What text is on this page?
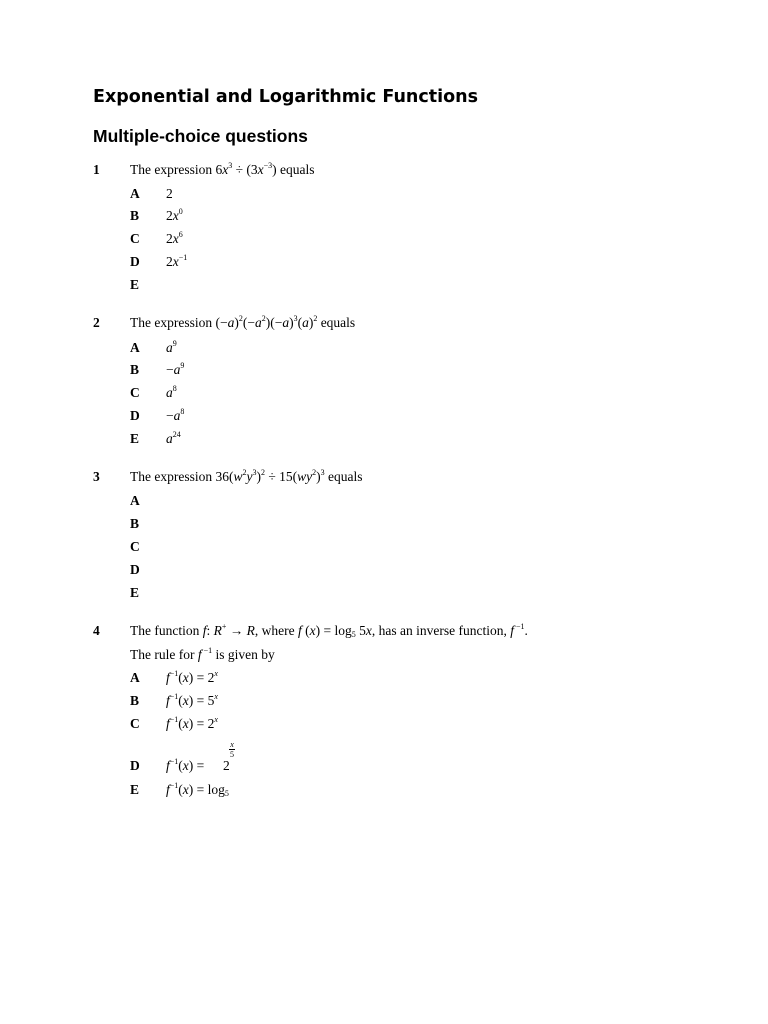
Exponential and Logarithmic Functions
Multiple-choice questions
1 The expression $6x^3 \div (3x^{-3})$ equals
A 2
B $2x^0$
C $2x^6$
D $2x^{-1}$
E
2 The expression $(-a)^2(-a^2)(-a)^3(a)^2$ equals
A $a^9$
$B -a^9$
C $a^8$
$D -a^8$
E $a^{24}$
3 The expression $36(w^2y^3)^2 \div 15(wy^2)^3$ equals
A
B
C
D
E
4 The function f: R+ → R, where f $(x) = \log_5 5x$, has an inverse function, f $^{-1}$.
The rule for f $^{-1}$ is given by
A $f^{-1}(x) = 2^x$
B $f^{-1}(x) = 5^x$
C $f^{-1}(x) = 2^x$
D $f^{-1}(x) = 2$
x
5
E $f^{-1}(x) = \log_5$
